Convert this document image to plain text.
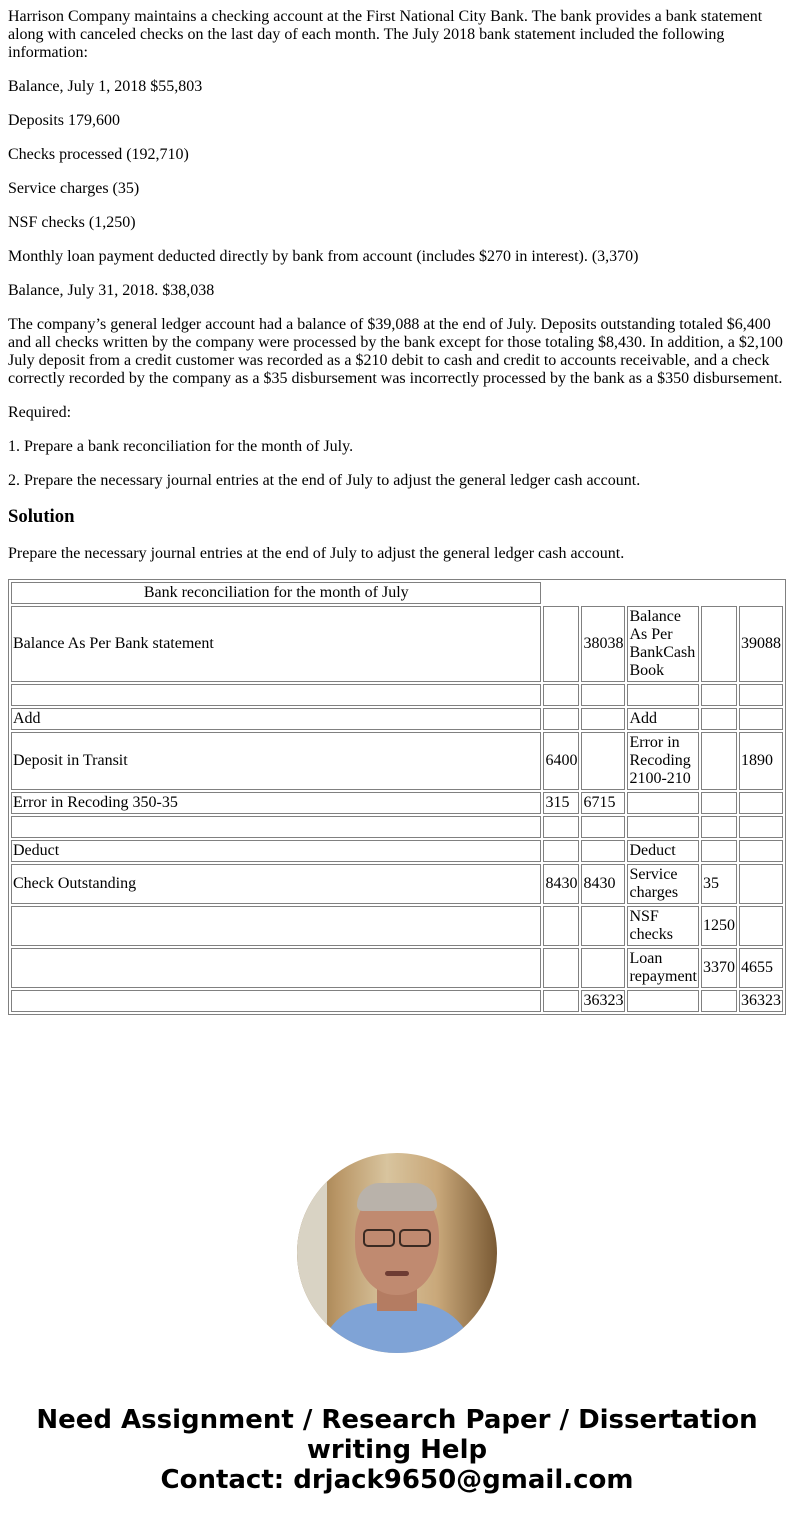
Harrison Company maintains a checking account at the First National City Bank. The bank provides a bank statement along with canceled checks on the last day of each month. The July 2018 bank statement included the following information:

Balance, July 1, 2018 $55,803

Deposits 179,600

Checks processed (192,710)

Service charges (35)

NSF checks (1,250)

Monthly loan payment deducted directly by bank from account (includes $270 in interest). (3,370)

Balance, July 31, 2018. $38,038

The company’s general ledger account had a balance of $39,088 at the end of July. Deposits outstanding totaled $6,400 and all checks written by the company were processed by the bank except for those totaling $8,430. In addition, a $2,100 July deposit from a credit customer was recorded as a $210 debit to cash and credit to accounts receivable, and a check correctly recorded by the company as a $35 disbursement was incorrectly processed by the bank as a $350 disbursement.

Required:

1. Prepare a bank reconciliation for the month of July.

2. Prepare the necessary journal entries at the end of July to adjust the general ledger cash account.

Solution

Prepare the necessary journal entries at the end of July to adjust the general ledger cash account.

Bank reconciliation for the month of July					
Balance As Per Bank statement		38038	Balance As Per BankCash Book		39088

Add			Add		
Deposit in Transit	6400		Error in Recoding 2100-210		1890
Error in Recoding 350-35	315	6715			

Deduct			Deduct		
Check Outstanding	8430	8430	Service charges	35	
			NSF checks	1250	
			Loan repayment	3370	4655
		36323			36323
Need Assignment / Research Paper / Dissertation writing Help
Contact: drjack9650@gmail.com
